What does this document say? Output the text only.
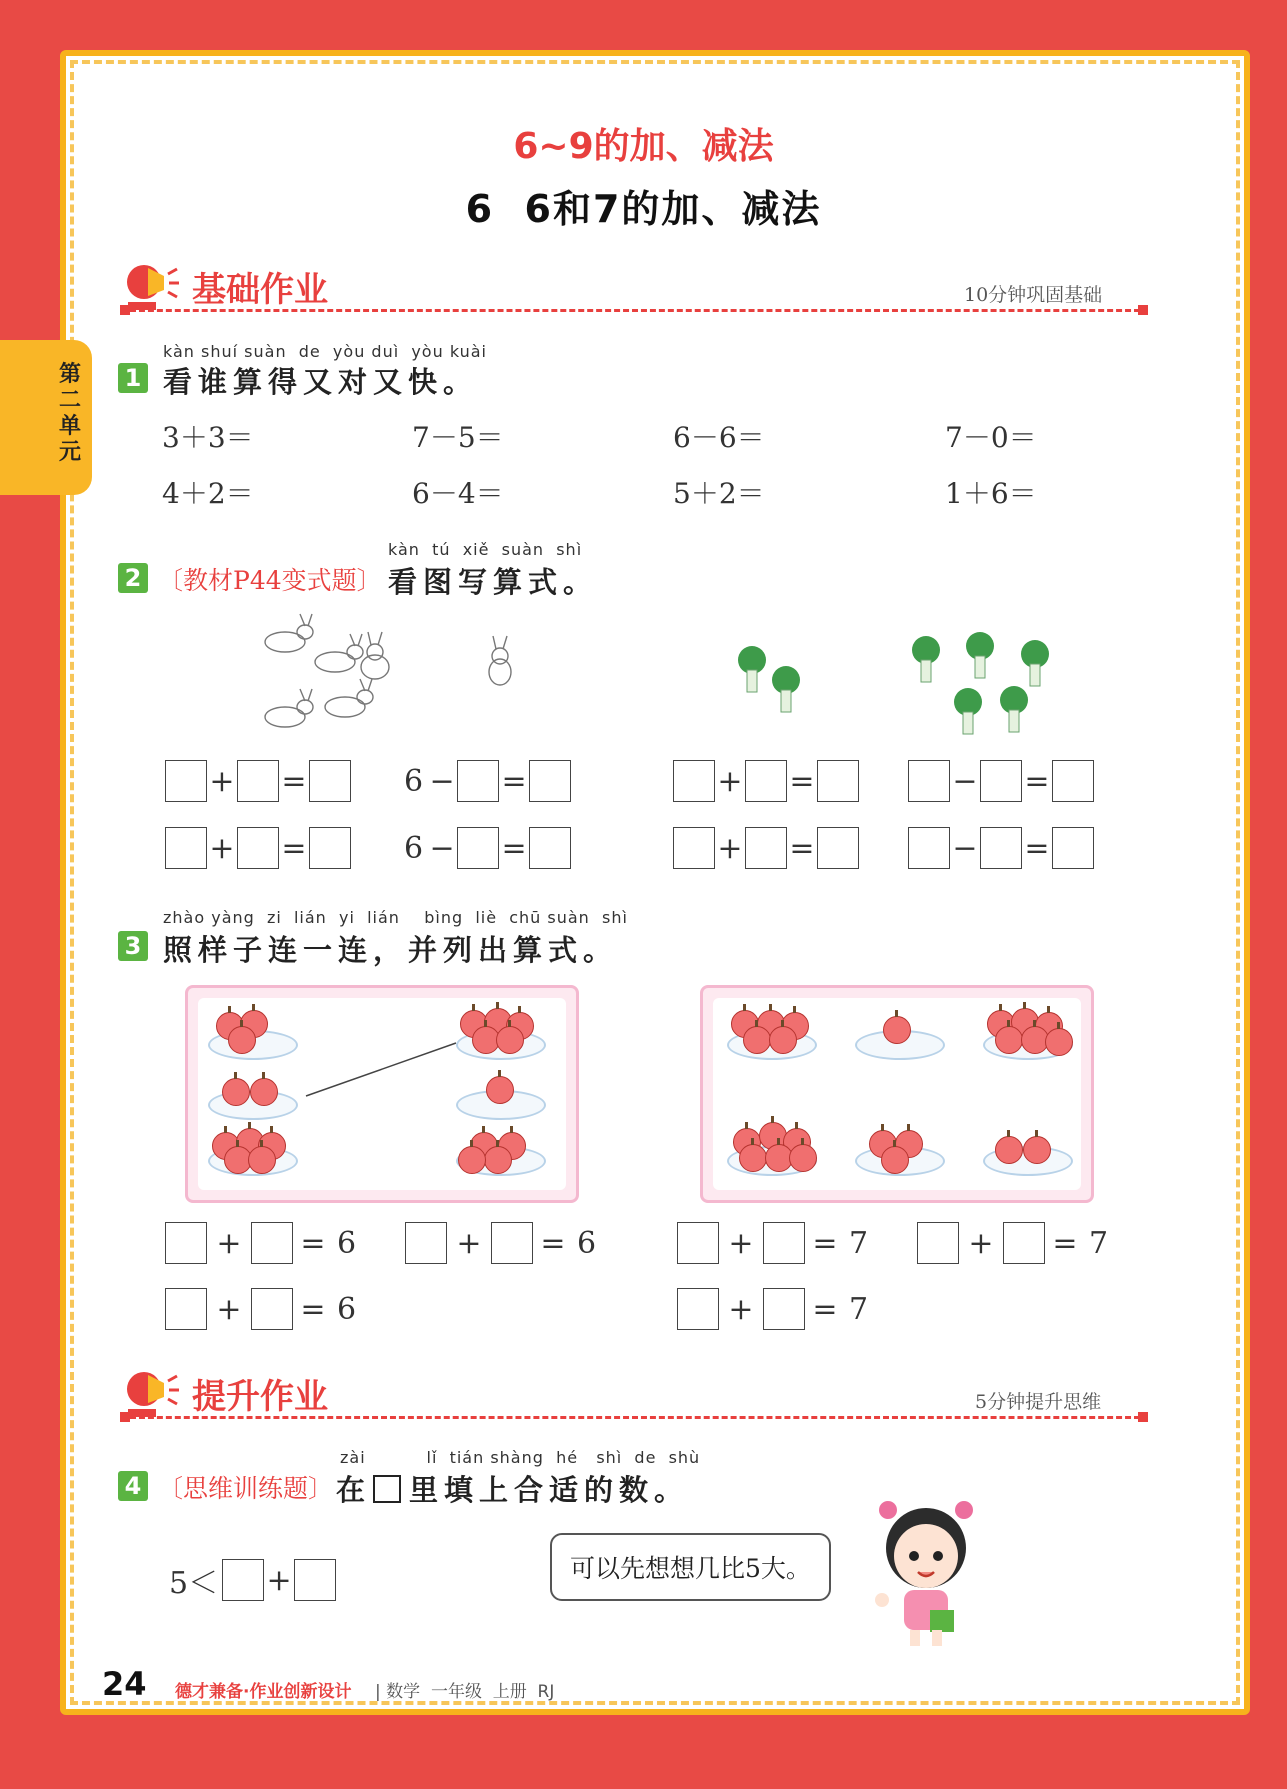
第二单元
6~9的加、减法
6  6和7的加、减法
基础作业	10分钟巩固基础
kàn shuí suàn  de  yòu duì  yòu kuài
1 看谁算得又对又快。
3＋3＝	7－5＝	6－6＝	7－0＝
4＋2＝	6－4＝	5＋2＝	1＋6＝
kàn  tú  xiě  suàn  shì
2 〔教材P44变式题〕 看图写算式。
+ =	6 − =	+ =	− =
+ =	6 − =	+ =	− =
zhào yàng  zi  lián  yi  lián    bìng  liè  chū suàn  shì
3 照样子连一连，并列出算式。
+	= 6	+	= 6	+	= 7	+	= 7
+	= 6	+	= 7
提升作业	5分钟提升思维
zài          lǐ  tián shàng  hé   shì  de  shù
4 〔思维训练题〕 在 里填上合适的数。
5＜ +	可以先想想几比5大。
24 德才兼备·作业创新设计 | 数学  一年级  上册  RJ
